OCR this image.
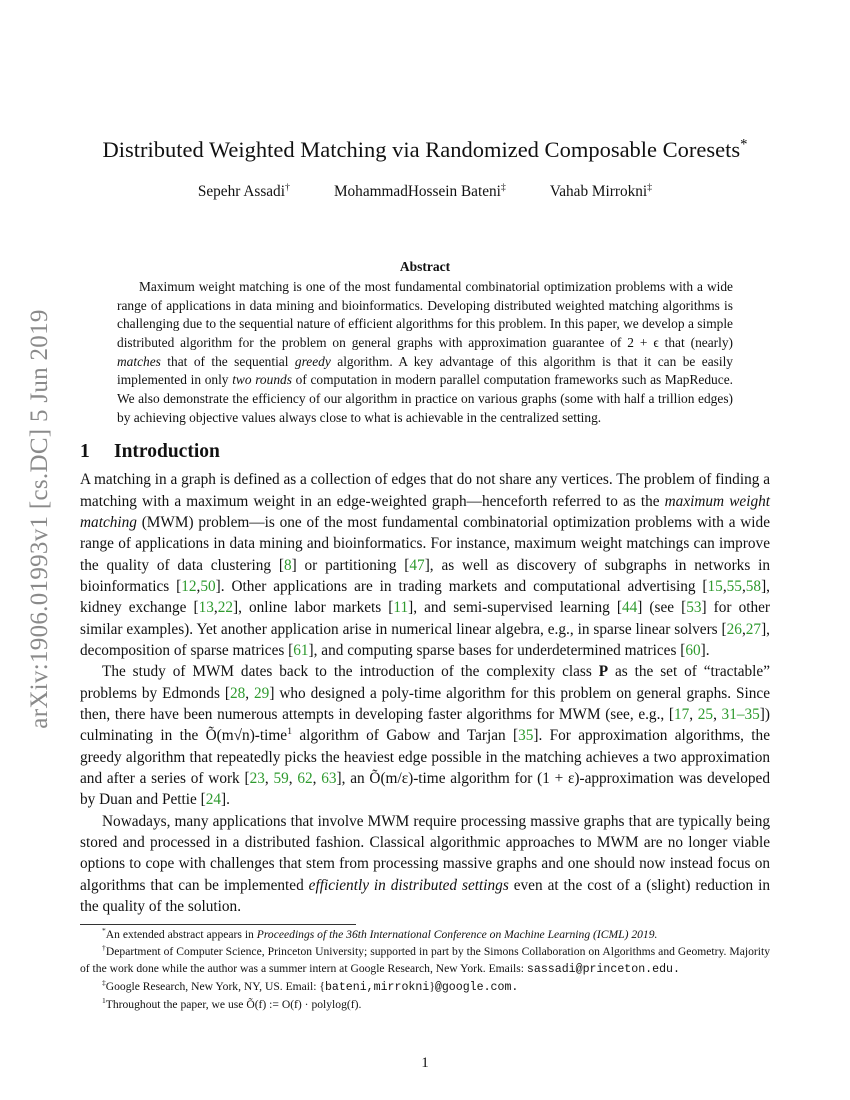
arXiv:1906.01993v1 [cs.DC] 5 Jun 2019
Distributed Weighted Matching via Randomized Composable Coresets*
Sepehr Assadi†	MohammadHossein Bateni‡	Vahab Mirrokni‡
Abstract

Maximum weight matching is one of the most fundamental combinatorial optimization problems with a wide range of applications in data mining and bioinformatics. Developing distributed weighted matching algorithms is challenging due to the sequential nature of efficient algorithms for this problem. In this paper, we develop a simple distributed algorithm for the problem on general graphs with approximation guarantee of 2 + ϵ that (nearly) matches that of the sequential greedy algorithm. A key advantage of this algorithm is that it can be easily implemented in only two rounds of computation in modern parallel computation frameworks such as MapReduce. We also demonstrate the efficiency of our algorithm in practice on various graphs (some with half a trillion edges) by achieving objective values always close to what is achievable in the centralized setting.

1 Introduction

A matching in a graph is defined as a collection of edges that do not share any vertices. The problem of finding a matching with a maximum weight in an edge-weighted graph—henceforth referred to as the maximum weight matching (MWM) problem—is one of the most fundamental combinatorial optimization problems with a wide range of applications in data mining and bioinformatics. For instance, maximum weight matchings can improve the quality of data clustering [8] or partitioning [47], as well as discovery of subgraphs in networks in bioinformatics [12,50]. Other applications are in trading markets and computational advertising [15,55,58], kidney exchange [13,22], online labor markets [11], and semi-supervised learning [44] (see [53] for other similar examples). Yet another application arise in numerical linear algebra, e.g., in sparse linear solvers [26,27], decomposition of sparse matrices [61], and computing sparse bases for underdetermined matrices [60].

The study of MWM dates back to the introduction of the complexity class P as the set of “tractable” problems by Edmonds [28, 29] who designed a poly-time algorithm for this problem on general graphs. Since then, there have been numerous attempts in developing faster algorithms for MWM (see, e.g., [17, 25, 31–35]) culminating in the Õ(m√n)-time$^1$ algorithm of Gabow and Tarjan [35]. For approximation algorithms, the greedy algorithm that repeatedly picks the heaviest edge possible in the matching achieves a two approximation and after a series of work [23, 59, 62, 63], an Õ(m/ε)-time algorithm for (1 + ε)-approximation was developed by Duan and Pettie [24].

Nowadays, many applications that involve MWM require processing massive graphs that are typically being stored and processed in a distributed fashion. Classical algorithmic approaches to MWM are no longer viable options to cope with challenges that stem from processing massive graphs and one should now instead focus on algorithms that can be implemented efficiently in distributed settings even at the cost of a (slight) reduction in the quality of the solution.

*An extended abstract appears in Proceedings of the 36th International Conference on Machine Learning (ICML) 2019.

†Department of Computer Science, Princeton University; supported in part by the Simons Collaboration on Algorithms and Geometry. Majority of the work done while the author was a summer intern at Google Research, New York. Emails: sassadi@princeton.edu.

‡Google Research, New York, NY, US. Email: {bateni,mirrokni}@google.com.

$^1$Throughout the paper, we use Õ(f) := O(f) · polylog(f).

1
